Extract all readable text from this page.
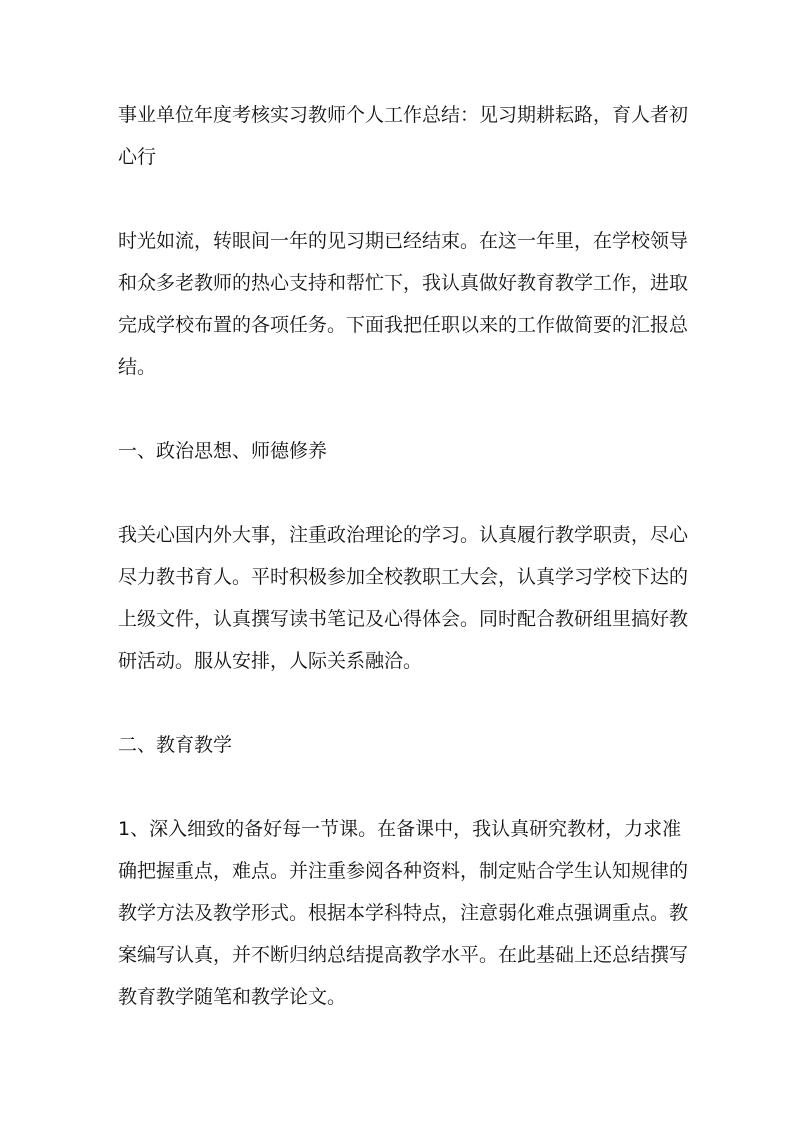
事业单位年度考核实习教师个人工作总结：见习期耕耘路，育人者初
心行
时光如流，转眼间一年的见习期已经结束。在这一年里，在学校领导
和众多老教师的热心支持和帮忙下，我认真做好教育教学工作，进取
完成学校布置的各项任务。下面我把任职以来的工作做简要的汇报总
结。
一、政治思想、师德修养
我关心国内外大事，注重政治理论的学习。认真履行教学职责，尽心
尽力教书育人。平时积极参加全校教职工大会，认真学习学校下达的
上级文件，认真撰写读书笔记及心得体会。同时配合教研组里搞好教
研活动。服从安排，人际关系融洽。
二、教育教学
1、深入细致的备好每一节课。在备课中，我认真研究教材，力求准
确把握重点，难点。并注重参阅各种资料，制定贴合学生认知规律的
教学方法及教学形式。根据本学科特点，注意弱化难点强调重点。教
案编写认真，并不断归纳总结提高教学水平。在此基础上还总结撰写
教育教学随笔和教学论文。
